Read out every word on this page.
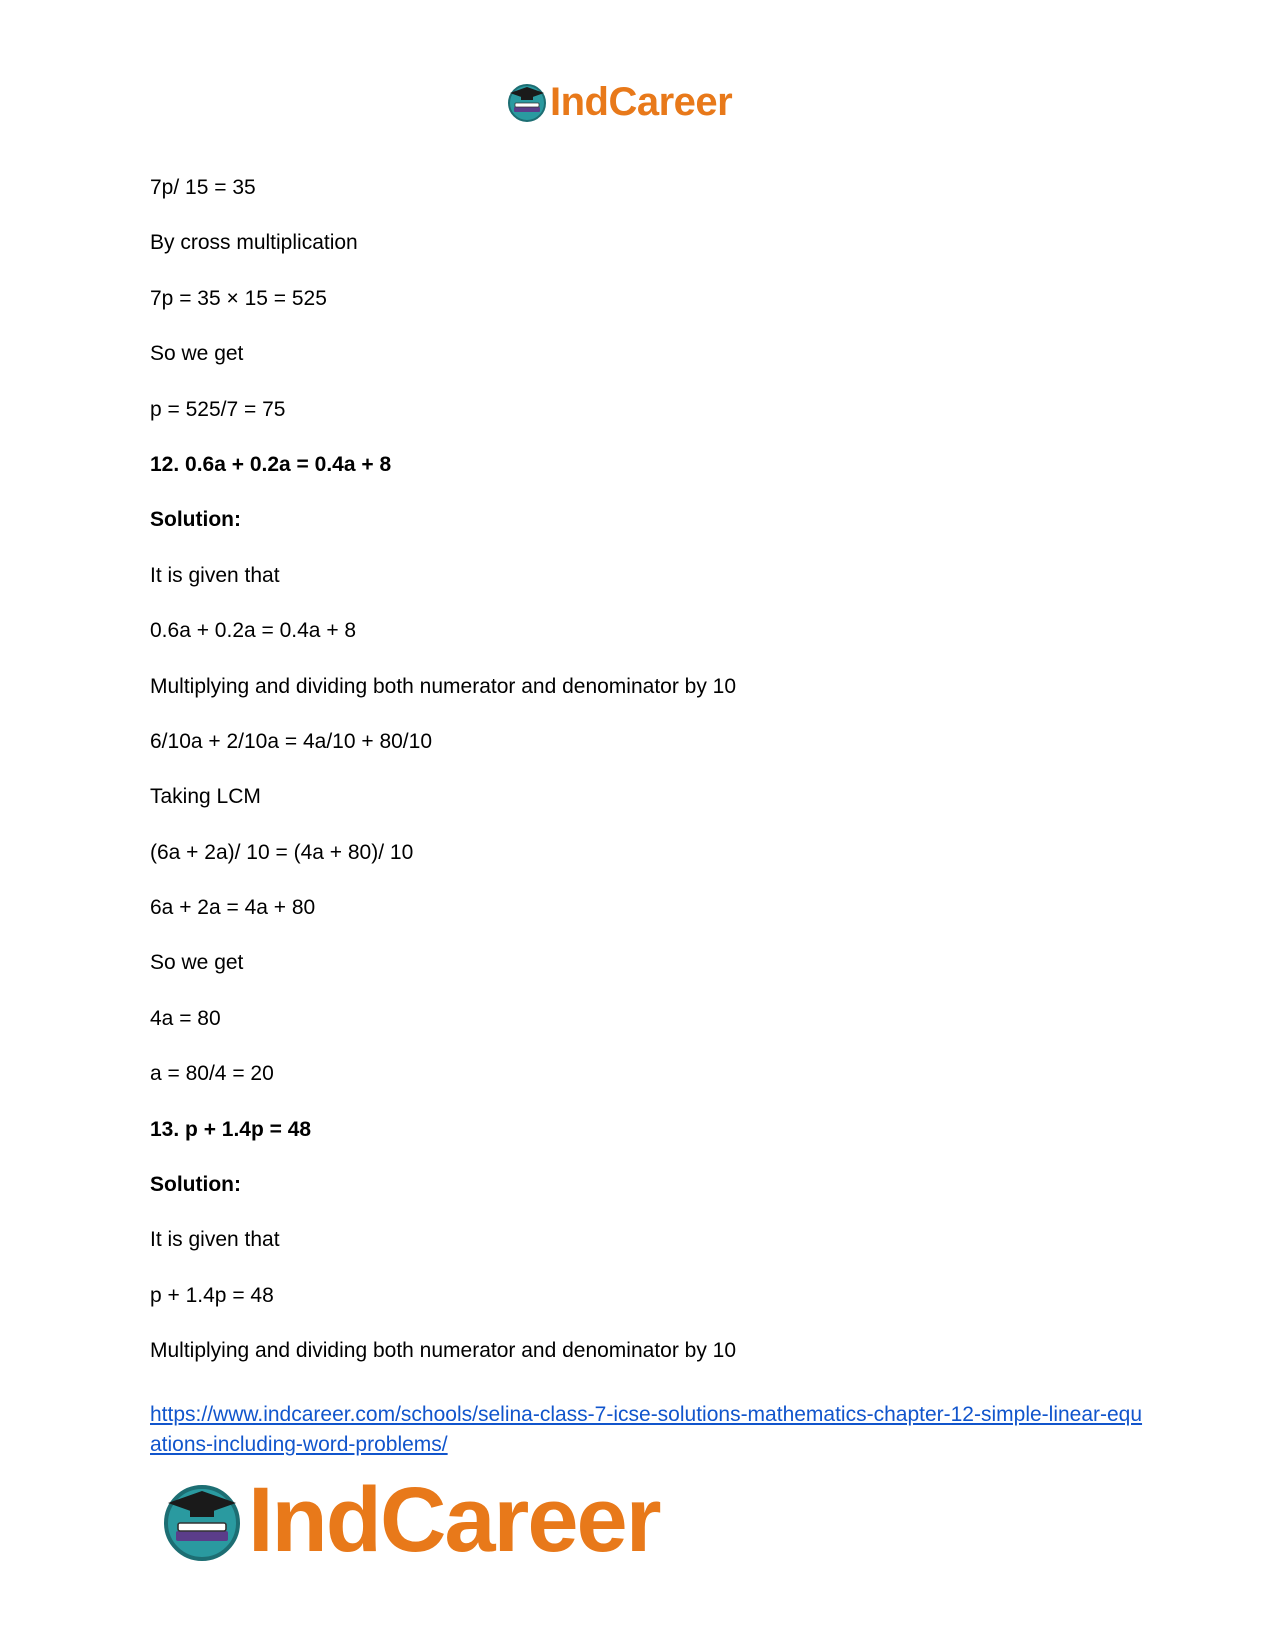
IndCareer
7p/ 15 = 35
By cross multiplication
7p = 35 × 15 = 525
So we get
p = 525/7 = 75
12. 0.6a + 0.2a = 0.4a + 8
Solution:
It is given that
0.6a + 0.2a = 0.4a + 8
Multiplying and dividing both numerator and denominator by 10
6/10a + 2/10a = 4a/10 + 80/10
Taking LCM
(6a + 2a)/ 10 = (4a + 80)/ 10
6a + 2a = 4a + 80
So we get
4a = 80
a = 80/4 = 20
13. p + 1.4p = 48
Solution:
It is given that
p + 1.4p = 48
Multiplying and dividing both numerator and denominator by 10
https://www.indcareer.com/schools/selina-class-7-icse-solutions-mathematics-chapter-12-simple-linear-equations-including-word-problems/
IndCareer
